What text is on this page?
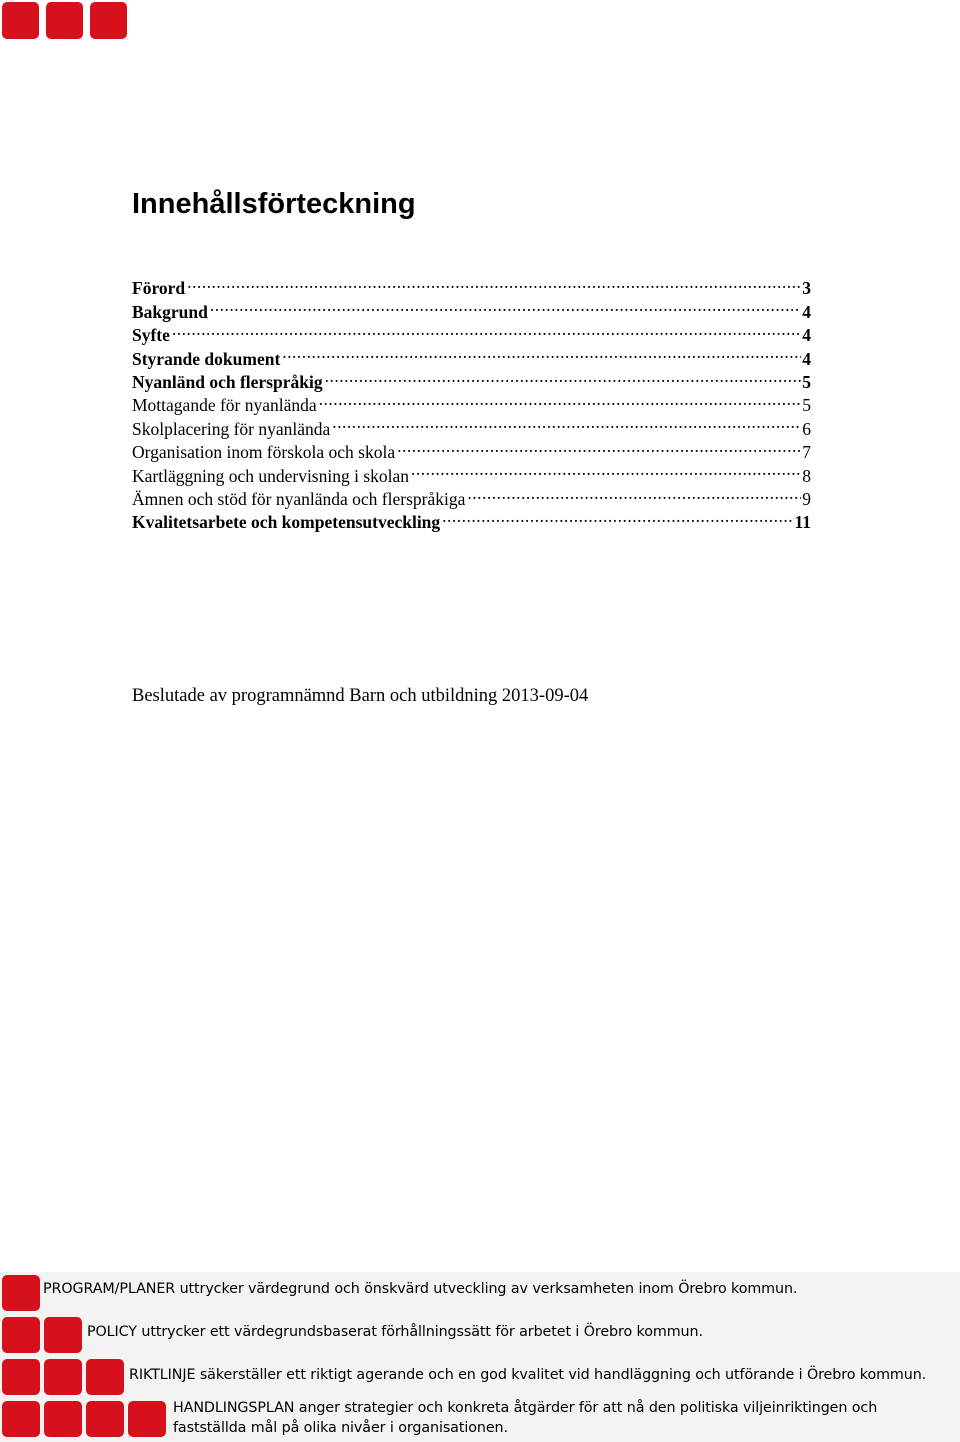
Innehållsförteckning
Förord .....	3
Bakgrund .....	4
Syfte .....	4
Styrande dokument .....	4
Nyanländ och flerspråkig .....	5
Mottagande för nyanlända .....	5
Skolplacering för nyanlända .....	6
Organisation inom förskola och skola .....	7
Kartläggning och undervisning i skolan .....	8
Ämnen och stöd för nyanlända och flerspråkiga .....	9
Kvalitetsarbete och kompetensutveckling .....	11

Beslutade av programnämnd Barn och utbildning 2013-09-04

PROGRAM/PLANER uttrycker värdegrund och önskvärd utveckling av verksamheten inom Örebro kommun.
POLICY uttrycker ett värdegrundsbaserat förhållningssätt för arbetet i Örebro kommun.
RIKTLINJE säkerställer ett riktigt agerande och en god kvalitet vid handläggning och utförande i Örebro kommun.
HANDLINGSPLAN anger strategier och konkreta åtgärder för att nå den politiska viljeinriktingen och
fastställda mål på olika nivåer i organisationen.
